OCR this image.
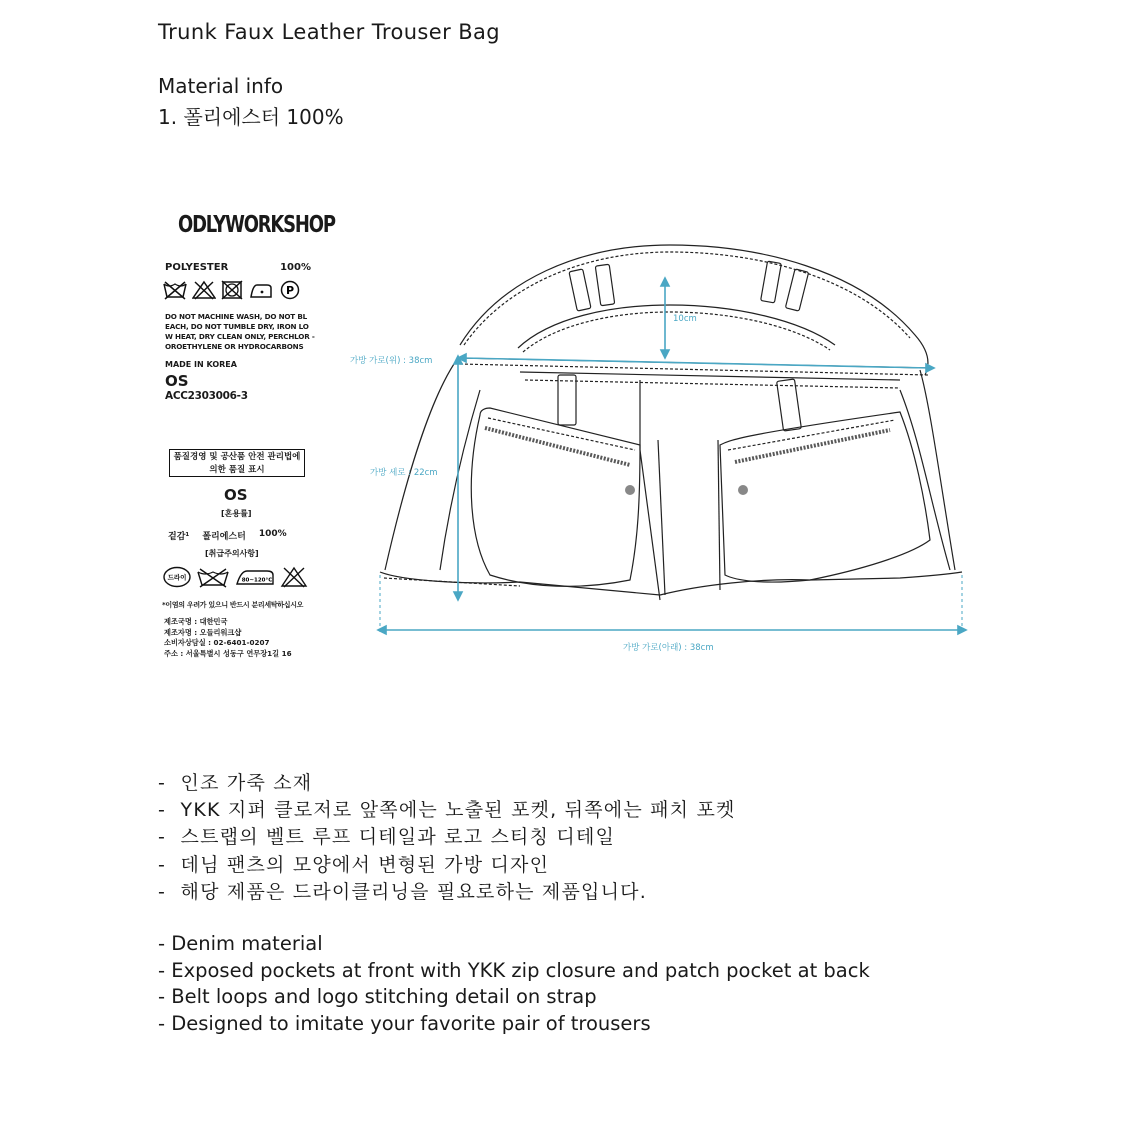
Trunk Faux Leather Trouser Bag
Material info
1. 폴리에스터 100%
ODLYWORKSHOP
POLYESTER	100%
P
DO NOT MACHINE WASH, DO NOT BL EACH, DO NOT TUMBLE DRY, IRON LO W HEAT, DRY CLEAN ONLY, PERCHLOR -OROETHYLENE OR HYDROCARBONS
MADE IN KOREA
OS
ACC2303006-3
품질경영 및 공산품 안전 관리법에 의한 품질 표시
OS
[혼용률]
겉감¹ 폴리에스터 100%
[취급주의사항]
드라이	80~120°C
*이염의 우려가 있으니 반드시 분리세탁하십시오
제조국명 : 대한민국
제조자명 : 오들리워크샵
소비자상담실 : 02-6401-0207
주소 : 서울특별시 성동구 연무장1길 16
10cm
가방 가로(위) : 38cm
가방 세로 : 22cm
가방 가로(아래) : 38cm
- 인조 가죽 소재
- YKK 지퍼 클로저로 앞쪽에는 노출된 포켓, 뒤쪽에는 패치 포켓
- 스트랩의 벨트 루프 디테일과 로고 스티칭 디테일
- 데님 팬츠의 모양에서 변형된 가방 디자인
- 해당 제품은 드라이클리닝을 필요로하는 제품입니다.
- Denim material
- Exposed pockets at front with YKK zip closure and patch pocket at back
- Belt loops and logo stitching detail on strap
- Designed to imitate your favorite pair of trousers
